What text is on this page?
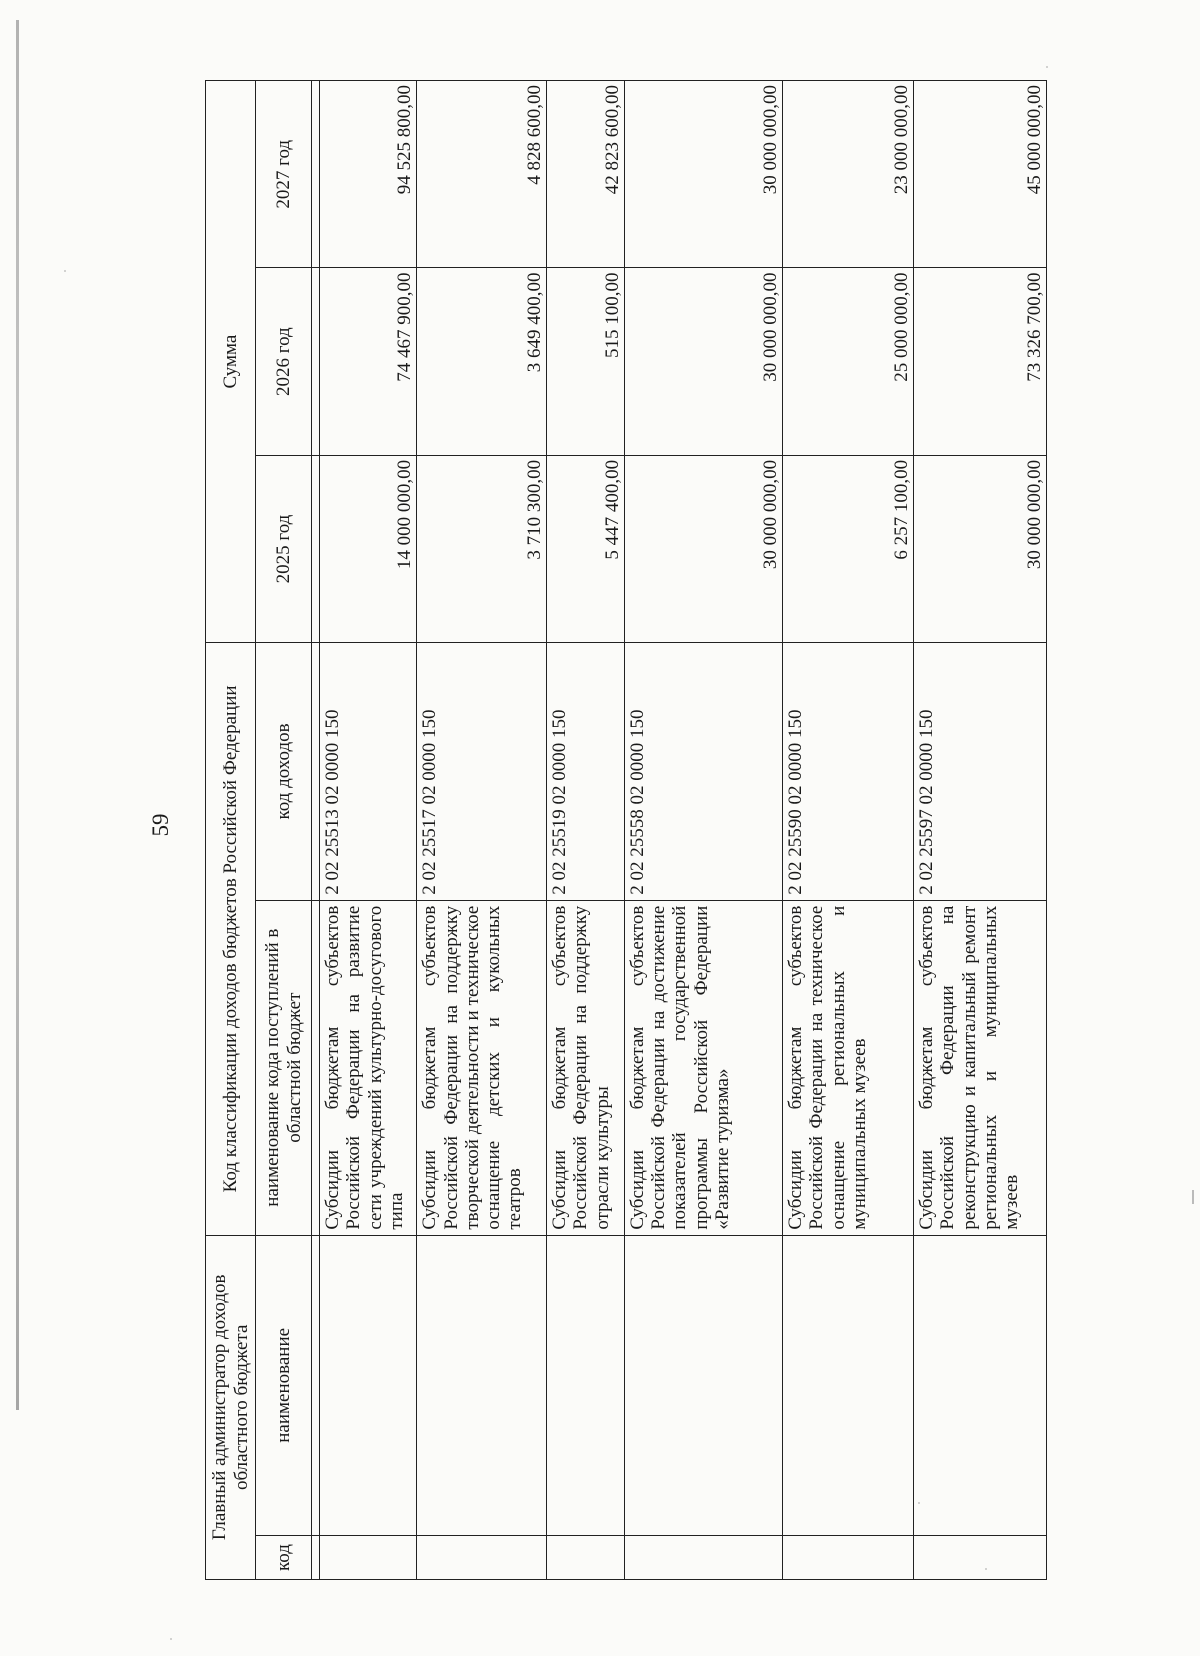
59
Главный администратор доходов областного бюджета		Код классификации доходов бюджетов Российской Федерации		Сумма		
код	наименование	наименование кода поступлений в областной бюджет	код доходов	2025 год	2026 год	2027 год

		Субсидии бюджетам субъектов Российской Федерации на развитие сети учреждений культурно-досугового типа	2 02 25513 02 0000 150	14 000 000,00	74 467 900,00	94 525 800,00
		Субсидии бюджетам субъектов Российской Федерации на поддержку творческой деятельности и техническое оснащение детских и кукольных театров	2 02 25517 02 0000 150	3 710 300,00	3 649 400,00	4 828 600,00
		Субсидии бюджетам субъектов Российской Федерации на поддержку отрасли культуры	2 02 25519 02 0000 150	5 447 400,00	515 100,00	42 823 600,00
		Субсидии бюджетам субъектов Российской Федерации на достижение показателей государственной программы Российской Федерации «Развитие туризма»	2 02 25558 02 0000 150	30 000 000,00	30 000 000,00	30 000 000,00
		Субсидии бюджетам субъектов Российской Федерации на техническое оснащение региональных и муниципальных музеев	2 02 25590 02 0000 150	6 257 100,00	25 000 000,00	23 000 000,00
		Субсидии бюджетам субъектов Российской Федерации на реконструкцию и капитальный ремонт региональных и муниципальных музеев	2 02 25597 02 0000 150	30 000 000,00	73 326 700,00	45 000 000,00
